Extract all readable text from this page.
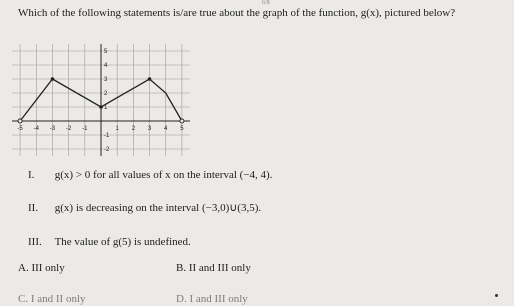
6/8
Which of the following statements is/are true about the graph of the function, g(x), pictured below?
-5 -4 -3 -2 -1	1 2 3 4 5
5
4
3
2
1
-1
-2
I. g(x) > 0 for all values of x on the interval (−4, 4).
II. g(x) is decreasing on the interval (−3,0)∪(3,5).
III. The value of g(5) is undefined.
A. III only	B. II and III only
C. I and II only	D. I and III only
